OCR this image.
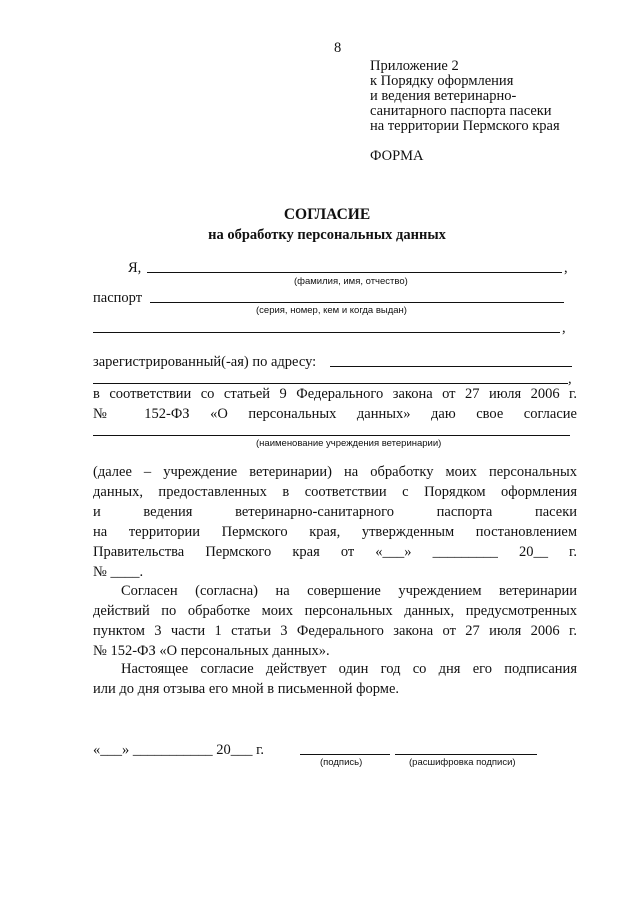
8
Приложение 2
к Порядку оформления
и ведения ветеринарно-
санитарного паспорта пасеки
на территории Пермского края
ФОРМА
СОГЛАСИЕ
на обработку персональных данных
Я,	,
(фамилия, имя, отчество)
паспорт
(серия, номер, кем и когда выдан)
,
зарегистрированный(-ая) по адресу:
,
в соответствии со статьей 9 Федерального закона от 27 июля 2006 г.
№ 152-ФЗ «О персональных данных» даю свое согласие
(наименование учреждения ветеринарии)
(далее – учреждение ветеринарии) на обработку моих персональных
данных, предоставленных в соответствии с Порядком оформления
и ведения ветеринарно-санитарного паспорта пасеки
на территории Пермского края, утвержденным постановлением
Правительства Пермского края от «___» _________ 20__ г.
№ ____.
Согласен (согласна) на совершение учреждением ветеринарии
действий по обработке моих персональных данных, предусмотренных
пунктом 3 части 1 статьи 3 Федерального закона от 27 июля 2006 г.
№ 152-ФЗ «О персональных данных».
Настоящее согласие действует один год со дня его подписания
или до дня отзыва его мной в письменной форме.
«___» ___________ 20___ г.
(подпись)	(расшифровка подписи)
